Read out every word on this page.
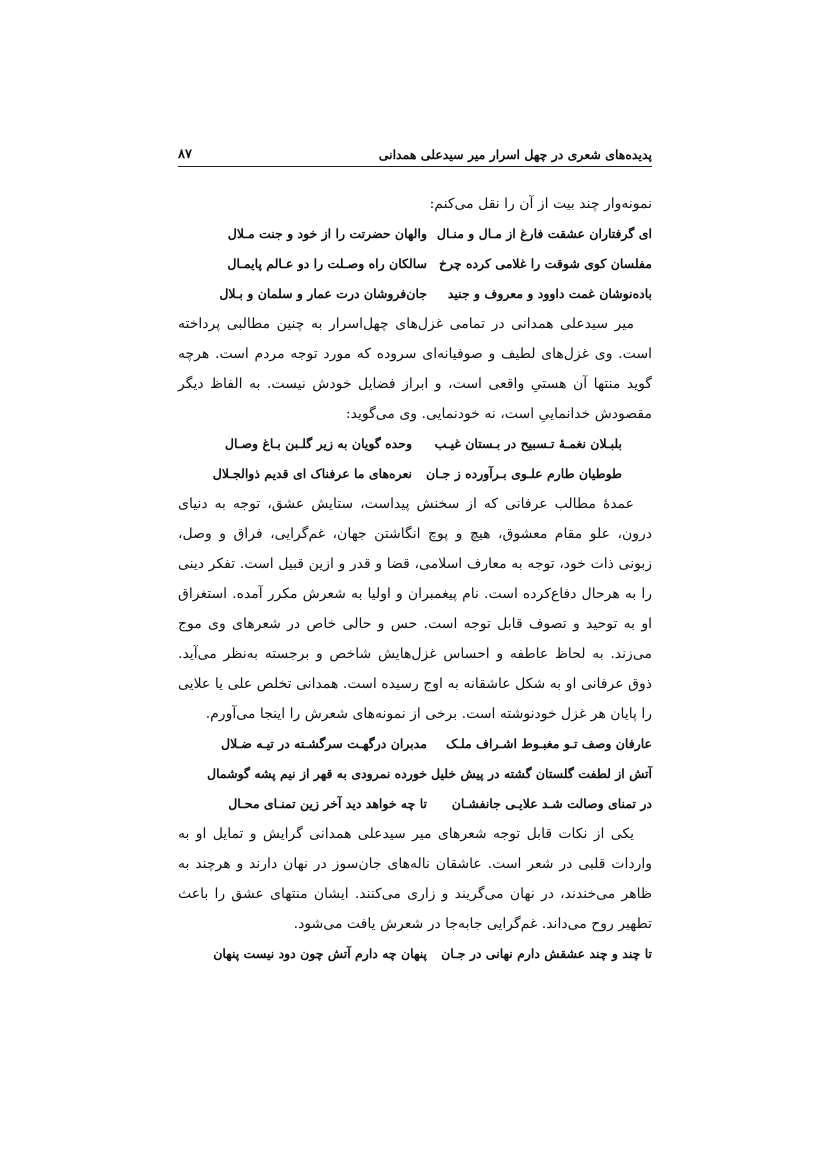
پدیده‌های شعری در چهل اسرار میر سیدعلی همدانی
۸۷

نمونه‌وار چند بیت از آن را نقل می‌کنم:

ای گرفتاران عشقت فارغ از مـال و منـال
والهان حضرتت را از خود و جنت مـلال
مفلسان کوی شوقت را غلامی کرده چرخ
سالکان راه وصـلت را دو عـالم پایمـال
باده‌نوشان غمت داوود و معروف و جنید
جان‌فروشان درت عمار و سلمان و بـلال

میر سیدعلی همدانی در تمامی غزل‌های چهل‌اسرار به چنین مطالبی پرداخته است. وی غزل‌های لطیف و صوفیانه‌ای سروده که مورد توجه مردم است. هرچه گوید منتها آن هستیِ واقعی است، و ابراز فضایل خودش نیست. به الفاظ دیگر مقصودش خدانماییِ است، نه خودنمایی. وی می‌گوید:

بلبـلان نغمـهٔ تـسبیح در بـستان غیـب
وحده گویان به زیر گلـبن بـاغ وصـال
طوطیان طارم علـوی بـرآورده ز جـان
نعره‌های ما عرفناک ای قدیم ذوالجـلال

عمدهٔ مطالب عرفانی که از سخنش پیداست، ستایش عشق، توجه به دنیای درون، علو مقام معشوق، هیچ و پوچ انگاشتن جهان، غم‌گرایی، فراق و وصل، زبونی ذات خود، توجه به معارف اسلامی، قضا و قدر و ازین قبیل است. تفکر دینی را به هرحال دفاع‌کرده است. نام پیغمبران و اولیا به شعرش مکرر آمده. استغراق او به توحید و تصوف قابل توجه است. حس و حالی خاص در شعرهای وی موج می‌زند. به لحاظ عاطفه و احساس غزل‌هایش شاخص و برجسته به‌نظر می‌آید. ذوق عرفانی او به شکل عاشقانه به اوج رسیده است. همدانی تخلص علی یا علایی را پایان هر غزل خودنوشته است. برخی از نمونه‌های شعرش را اینجا می‌آورم.

عارفان وصف تـو مغبـوط اشـراف ملـک
مدبران درگهـت سرگشـته در تیـه ضـلال
آتش از لطفت گلستان گشته در پیش خلیل
خورده نمرودی به قهر از نیم پشه گوشمال
در تمنای وصالت شـد علایـی جانفشـان
تا چه خواهد دید آخر زین تمنـای محـال

یکی از نکات قابل توجه شعرهای میر سیدعلی همدانی گرایش و تمایل او به واردات قلبی در شعر است. عاشقان ناله‌های جان‌سوز در نهان دارند و هرچند به ظاهر می‌خندند، در نهان می‌گریند و زاری می‌کنند. ایشان منتهای عشق را باعث تطهیر روح می‌داند. غم‌گرایی جابه‌جا در شعرش یافت می‌شود.

تا چند و چند عشقش دارم نهانی در جـان
پنهان چه دارم آتش چون دود نیست پنهان
